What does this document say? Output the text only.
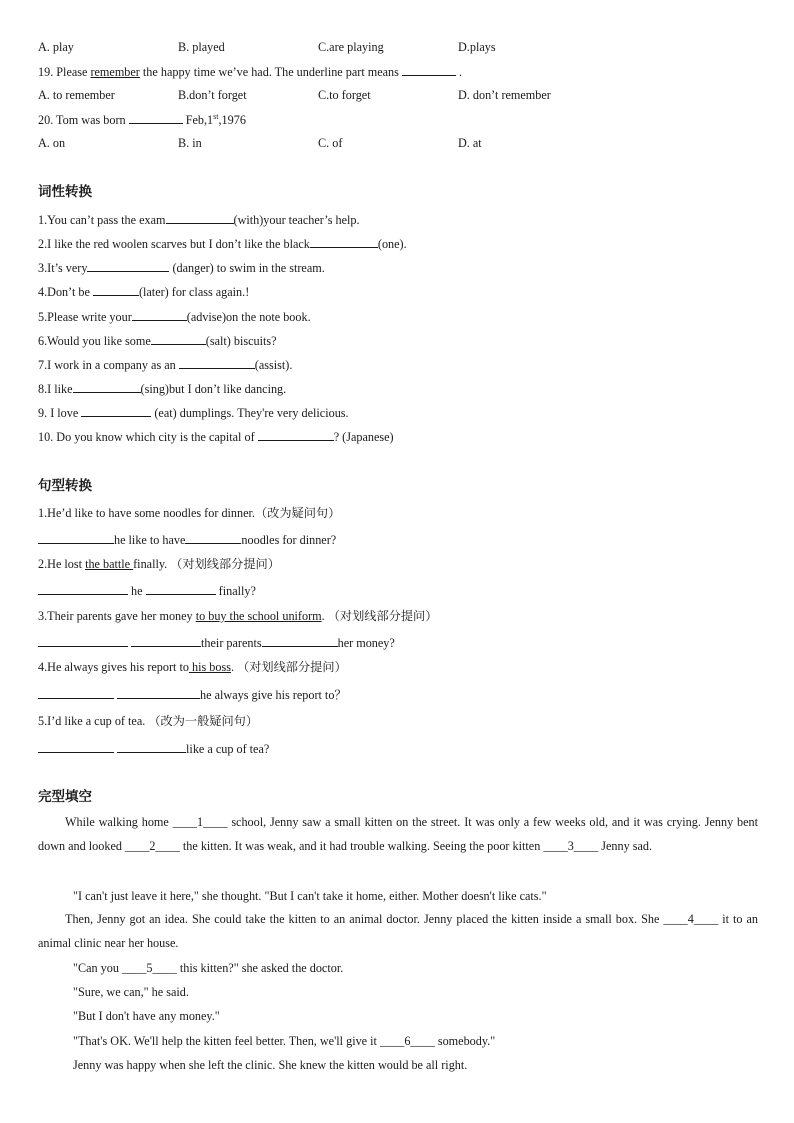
A. play	B. played	C.are playing	D.plays
19. Please remember the happy time we’ve had. The underline part means	.
A. to remember	B.don’t forget	C.to forget	D. don’t remember
20. Tom was born	Feb,1st,1976
A. on	B. in	C. of	D. at
词性转换
1.You can’t pass the exam	(with)your teacher’s help.
2.I like the red woolen scarves but I don’t like the black	(one).
3.It’s very	(danger) to swim in the stream.
4.Don’t be	(later) for class again.!
5.Please write your	(advise)on the note book.
6.Would you like some	(salt) biscuits?
7.I work in a company as an	(assist).
8.I like	(sing)but I don’t like dancing.
9. I love	(eat) dumplings. They're very delicious.
10. Do you know which city is the capital of	? (Japanese)
句型转换
1.He’d like to have some noodles for dinner.（改为疑问句）
he like to have	noodles for dinner?
2.He lost the battle finally. （对划线部分提问）
he	finally?
3.Their parents gave her money to buy the school uniform. （对划线部分提问）
their parents	her money?
4.He always gives his report to his boss. （对划线部分提问）
he always give his report to？
5.I’d like a cup of tea. （改为一般疑问句）
like a cup of tea?
完型填空
While walking home ____1____ school, Jenny saw a small kitten on the street. It was only a few weeks old, and it was crying. Jenny bent down and looked ____2____ the kitten. It was weak, and it had trouble walking. Seeing the poor kitten ____3____ Jenny sad.
"I can't just leave it here," she thought. "But I can't take it home, either. Mother doesn't like cats."
Then, Jenny got an idea. She could take the kitten to an animal doctor. Jenny placed the kitten inside a small box. She ____4____ it to an animal clinic near her house.
"Can you ____5____ this kitten?" she asked the doctor.
"Sure, we can," he said.
"But I don't have any money."
"That's OK. We'll help the kitten feel better. Then, we'll give it ____6____ somebody."
Jenny was happy when she left the clinic. She knew the kitten would be all right.
